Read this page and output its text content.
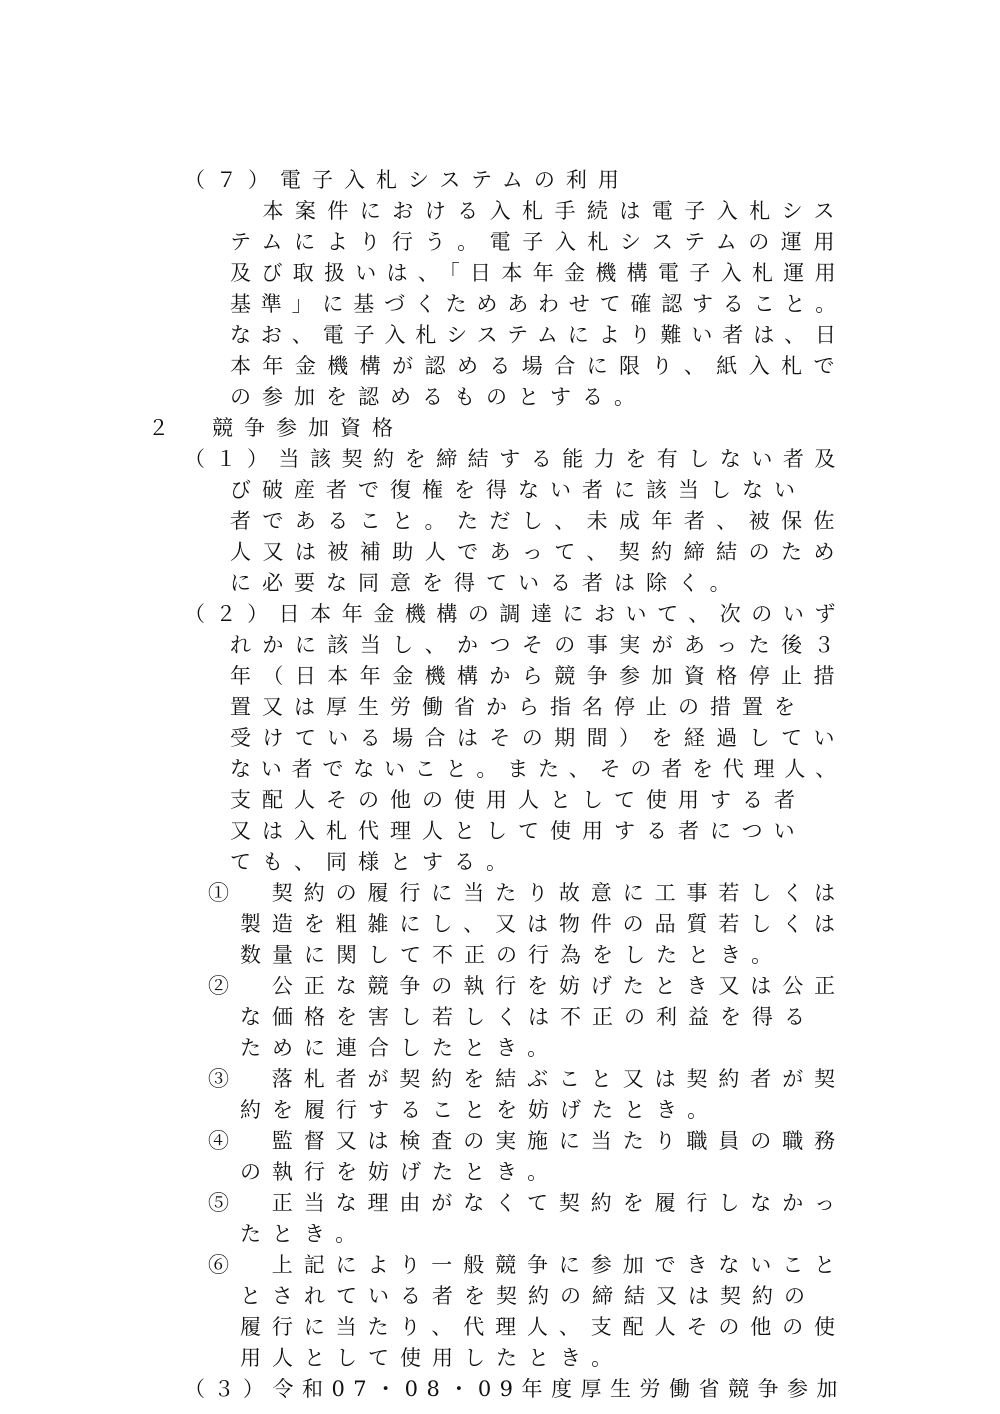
（７）電子入札システムの利用

　本案件における入札手続は電子入札シス

テムにより行う。電子入札システムの運用

及び取扱いは、「日本年金機構電子入札運用

基準」に基づくためあわせて確認すること。

なお、電子入札システムにより難い者は、日

本年金機構が認める場合に限り、紙入札で

の参加を認めるものとする。

２　競争参加資格

（１）当該契約を締結する能力を有しない者及

び破産者で復権を得ない者に該当しない

者であること。ただし、未成年者、被保佐

人又は被補助人であって、契約締結のため

に必要な同意を得ている者は除く。

（２）日本年金機構の調達において、次のいず

れかに該当し、かつその事実があった後３

年（日本年金機構から競争参加資格停止措

置又は厚生労働省から指名停止の措置を

受けている場合はその期間）を経過してい

ない者でないこと。また、その者を代理人、

支配人その他の使用人として使用する者

又は入札代理人として使用する者につい

ても、同様とする。

①　契約の履行に当たり故意に工事若しくは

製造を粗雑にし、又は物件の品質若しくは

数量に関して不正の行為をしたとき。

②　公正な競争の執行を妨げたとき又は公正

な価格を害し若しくは不正の利益を得る

ために連合したとき。

③　落札者が契約を結ぶこと又は契約者が契

約を履行することを妨げたとき。

④　監督又は検査の実施に当たり職員の職務

の執行を妨げたとき。

⑤　正当な理由がなくて契約を履行しなかっ

たとき。

⑥　上記により一般競争に参加できないこと

とされている者を契約の締結又は契約の

履行に当たり、代理人、支配人その他の使

用人として使用したとき。

（３）令和07・08・09年度厚生労働省競争参加
